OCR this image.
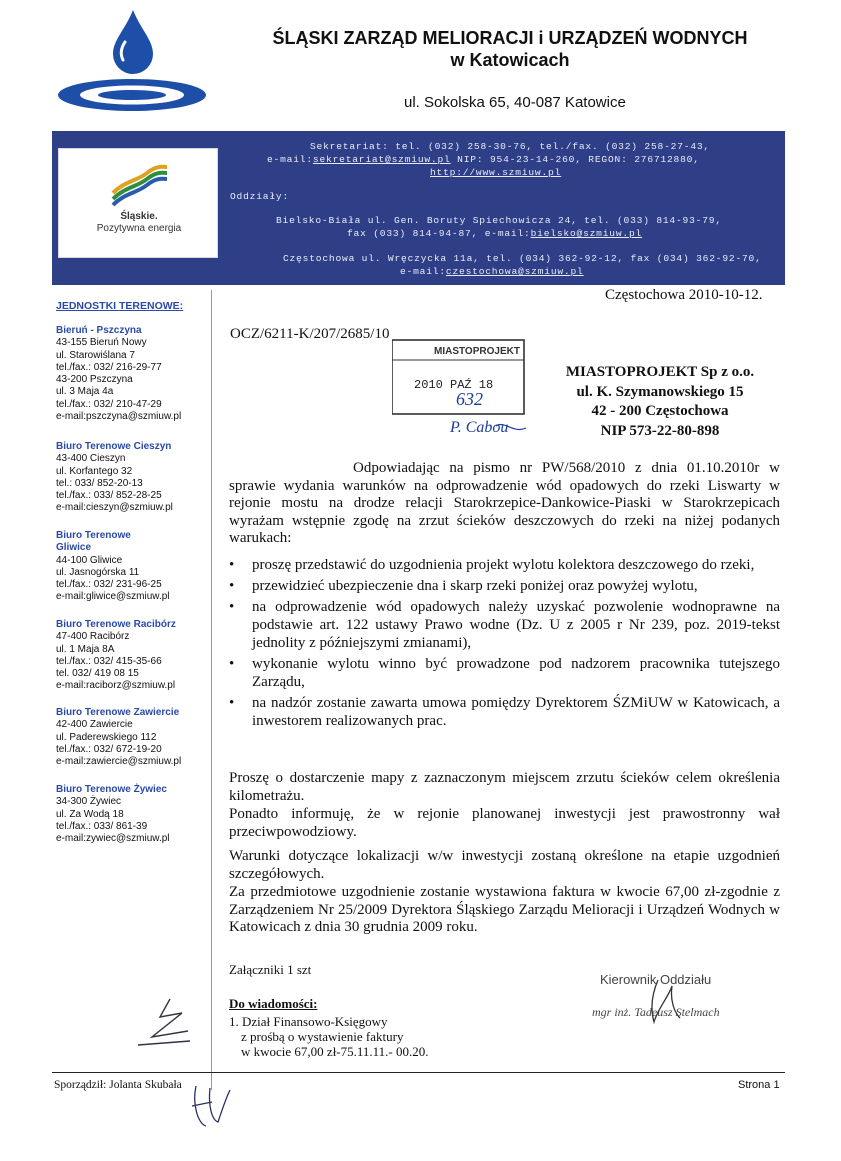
ŚLĄSKI ZARZĄD MELIORACJI i URZĄDZEŃ WODNYCH
w Katowicach
ul. Sokolska 65, 40-087 Katowice
Śląskie.
Pozytywna energia
Sekretariat: tel. (032) 258-30-76, tel./fax. (032) 258-27-43,
e-mail:sekretariat@szmiuw.pl NIP: 954-23-14-260, REGON: 276712880,
http://www.szmiuw.pl
Oddziały:
Bielsko-Biała ul. Gen. Boruty Spiechowicza 24, tel. (033) 814-93-79,
fax (033) 814-94-87, e-mail:bielsko@szmiuw.pl
Częstochowa ul. Wręczycka 11a, tel. (034) 362-92-12, fax (034) 362-92-70,
e-mail:czestochowa@szmiuw.pl
JEDNOSTKI TERENOWE:
Bieruń - Pszczyna
43-155 Bieruń Nowy
ul. Starowiślana 7
tel./fax.: 032/ 216-29-77
43-200 Pszczyna
ul. 3 Maja 4a
tel./fax.: 032/ 210-47-29
e-mail:pszczyna@szmiuw.pl
Biuro Terenowe Cieszyn
43-400 Cieszyn
ul. Korfantego 32
tel.: 033/ 852-20-13
tel./fax.: 033/ 852-28-25
e-mail:cieszyn@szmiuw.pl
Biuro Terenowe Gliwice
44-100 Gliwice
ul. Jasnogórska 11
tel./fax.: 032/ 231-96-25
e-mail:gliwice@szmiuw.pl
Biuro Terenowe Racibórz
47-400 Racibórz
ul. 1 Maja 8A
tel./fax.: 032/ 415-35-66
tel. 032/ 419 08 15
e-mail:raciborz@szmiuw.pl
Biuro Terenowe Zawiercie
42-400 Zawiercie
ul. Paderewskiego 112
tel./fax.: 032/ 672-19-20
e-mail:zawiercie@szmiuw.pl
Biuro Terenowe Żywiec
34-300 Żywiec
ul. Za Wodą 18
tel./fax.: 033/ 861-39
e-mail:zywiec@szmiuw.pl
Częstochowa 2010-10-12.
OCZ/6211-K/207/2685/10
MIASTOPROJEKT
2010 PAŹ 18
632
P. Cabou
MIASTOPROJEKT Sp z o.o.
ul. K. Szymanowskiego 15
42 - 200 Częstochowa
NIP 573-22-80-898
Odpowiadając na pismo nr PW/568/2010 z dnia 01.10.2010r w sprawie wydania warunków na odprowadzenie wód opadowych do rzeki Liswarty w rejonie mostu na drodze relacji Starokrzepice-Dankowice-Piaski w Starokrzepicach wyrażam wstępnie zgodę na zrzut ścieków deszczowych do rzeki na niżej podanych warukach:
• proszę przedstawić do uzgodnienia projekt wylotu kolektora deszczowego do rzeki,
• przewidzieć ubezpieczenie dna i skarp rzeki poniżej oraz powyżej wylotu,
• na odprowadzenie wód opadowych należy uzyskać pozwolenie wodnoprawne na podstawie art. 122 ustawy Prawo wodne (Dz. U z 2005 r Nr 239, poz. 2019-tekst jednolity z późniejszymi zmianami),
• wykonanie wylotu winno być prowadzone pod nadzorem pracownika tutejszego Zarządu,
• na nadzór zostanie zawarta umowa pomiędzy Dyrektorem ŚZMiUW w Katowicach, a inwestorem realizowanych prac.
Proszę o dostarczenie mapy z zaznaczonym miejscem zrzutu ścieków celem określenia kilometrażu.
Ponadto informuję, że w rejonie planowanej inwestycji jest prawostronny wał przeciwpowodziowy.
Warunki dotyczące lokalizacji w/w inwestycji zostaną określone na etapie uzgodnień szczegółowych.
Za przedmiotowe uzgodnienie zostanie wystawiona faktura w kwocie 67,00 zł-zgodnie z Zarządzeniem Nr 25/2009 Dyrektora Śląskiego Zarządu Melioracji i Urządzeń Wodnych w Katowicach z dnia 30 grudnia 2009 roku.
Załączniki 1 szt
Do wiadomości:
1. Dział Finansowo-Księgowy
z prośbą o wystawienie faktury
w kwocie 67,00 zł-75.11.11.- 00.20.
Kierownik Oddziału
mgr inż. Tadeusz Stelmach
Sporządził: Jolanta Skubała	Strona 1
